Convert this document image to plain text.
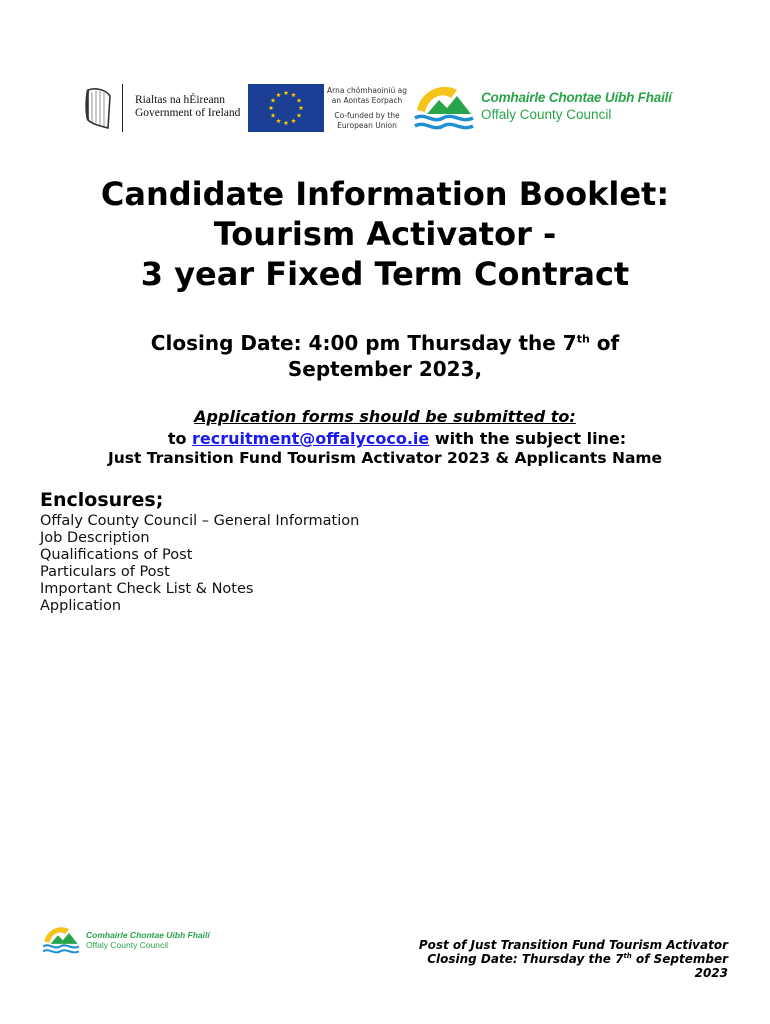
Rialtas na hÉireann
Government of Ireland
Arna chómhaoiniú ag
an Aontas Eorpach
Co-funded by the
European Union
Comhairle Chontae Uíbh Fhailí
Offaly County Council
Candidate Information Booklet:
Tourism Activator -
3 year Fixed Term Contract
Closing Date: 4:00 pm Thursday the 7th of
September 2023,
Application forms should be submitted to:
to recruitment@offalycoco.ie with the subject line:
Just Transition Fund Tourism Activator 2023 & Applicants Name
Enclosures;
Offaly County Council – General Information
Job Description
Qualifications of Post
Particulars of Post
Important Check List & Notes
Application
Comhairle Chontae Uíbh Fhailí
Offaly County Council	Post of Just Transition Fund Tourism Activator
Closing Date: Thursday the 7th of September
2023
